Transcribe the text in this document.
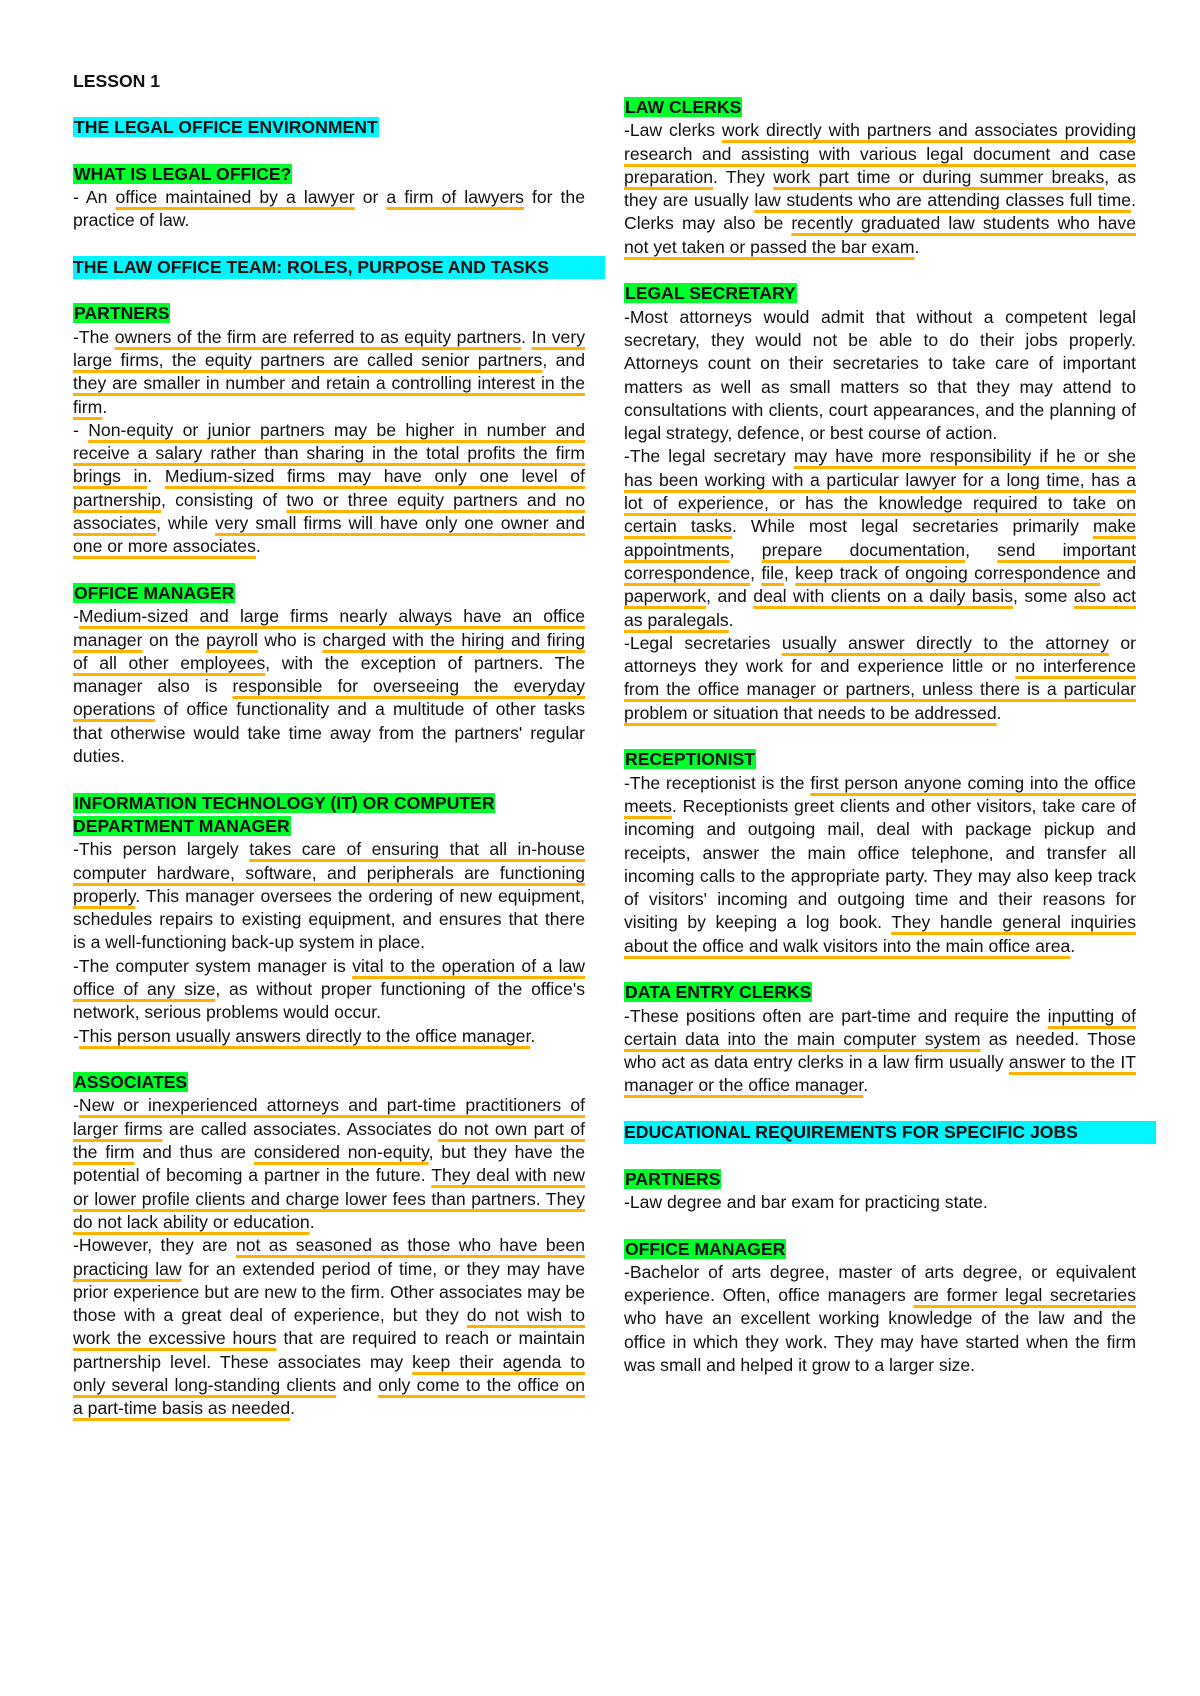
LESSON 1
THE LEGAL OFFICE ENVIRONMENT
WHAT IS LEGAL OFFICE?

- An office maintained by a lawyer or a firm of lawyers for the practice of law.

THE LAW OFFICE TEAM: ROLES, PURPOSE AND TASKS
PARTNERS

-The owners of the firm are referred to as equity partners. In very large firms, the equity partners are called senior partners, and they are smaller in number and retain a controlling interest in the firm.

- Non-equity or junior partners may be higher in number and receive a salary rather than sharing in the total profits the firm brings in. Medium-sized firms may have only one level of partnership, consisting of two or three equity partners and no associates, while very small firms will have only one owner and one or more associates.

OFFICE MANAGER

-Medium-sized and large firms nearly always have an office manager on the payroll who is charged with the hiring and firing of all other employees, with the exception of partners. The manager also is responsible for overseeing the everyday operations of office functionality and a multitude of other tasks that otherwise would take time away from the partners' regular duties.

INFORMATION TECHNOLOGY (IT) OR COMPUTER DEPARTMENT MANAGER

-This person largely takes care of ensuring that all in-house computer hardware, software, and peripherals are functioning properly. This manager oversees the ordering of new equipment, schedules repairs to existing equipment, and ensures that there is a well-functioning back-up system in place.

-The computer system manager is vital to the operation of a law office of any size, as without proper functioning of the office's network, serious problems would occur.

-This person usually answers directly to the office manager.

ASSOCIATES

-New or inexperienced attorneys and part-time practitioners of larger firms are called associates. Associates do not own part of the firm and thus are considered non-equity, but they have the potential of becoming a partner in the future. They deal with new or lower profile clients and charge lower fees than partners. They do not lack ability or education.

-However, they are not as seasoned as those who have been practicing law for an extended period of time, or they may have prior experience but are new to the firm. Other associates may be those with a great deal of experience, but they do not wish to work the excessive hours that are required to reach or maintain partnership level. These associates may keep their agenda to only several long-standing clients and only come to the office on a part-time basis as needed.

LAW CLERKS

-Law clerks work directly with partners and associates providing research and assisting with various legal document and case preparation. They work part time or during summer breaks, as they are usually law students who are attending classes full time. Clerks may also be recently graduated law students who have not yet taken or passed the bar exam.

LEGAL SECRETARY

-Most attorneys would admit that without a competent legal secretary, they would not be able to do their jobs properly. Attorneys count on their secretaries to take care of important matters as well as small matters so that they may attend to consultations with clients, court appearances, and the planning of legal strategy, defence, or best course of action.

-The legal secretary may have more responsibility if he or she has been working with a particular lawyer for a long time, has a lot of experience, or has the knowledge required to take on certain tasks. While most legal secretaries primarily make appointments, prepare documentation, send important correspondence, file, keep track of ongoing correspondence and paperwork, and deal with clients on a daily basis, some also act as paralegals.

-Legal secretaries usually answer directly to the attorney or attorneys they work for and experience little or no interference from the office manager or partners, unless there is a particular problem or situation that needs to be addressed.

RECEPTIONIST

-The receptionist is the first person anyone coming into the office meets. Receptionists greet clients and other visitors, take care of incoming and outgoing mail, deal with package pickup and receipts, answer the main office telephone, and transfer all incoming calls to the appropriate party. They may also keep track of visitors' incoming and outgoing time and their reasons for visiting by keeping a log book. They handle general inquiries about the office and walk visitors into the main office area.

DATA ENTRY CLERKS

-These positions often are part-time and require the inputting of certain data into the main computer system as needed. Those who act as data entry clerks in a law firm usually answer to the IT manager or the office manager.

EDUCATIONAL REQUIREMENTS FOR SPECIFIC JOBS
PARTNERS

-Law degree and bar exam for practicing state.

OFFICE MANAGER

-Bachelor of arts degree, master of arts degree, or equivalent experience. Often, office managers are former legal secretaries who have an excellent working knowledge of the law and the office in which they work. They may have started when the firm was small and helped it grow to a larger size.
